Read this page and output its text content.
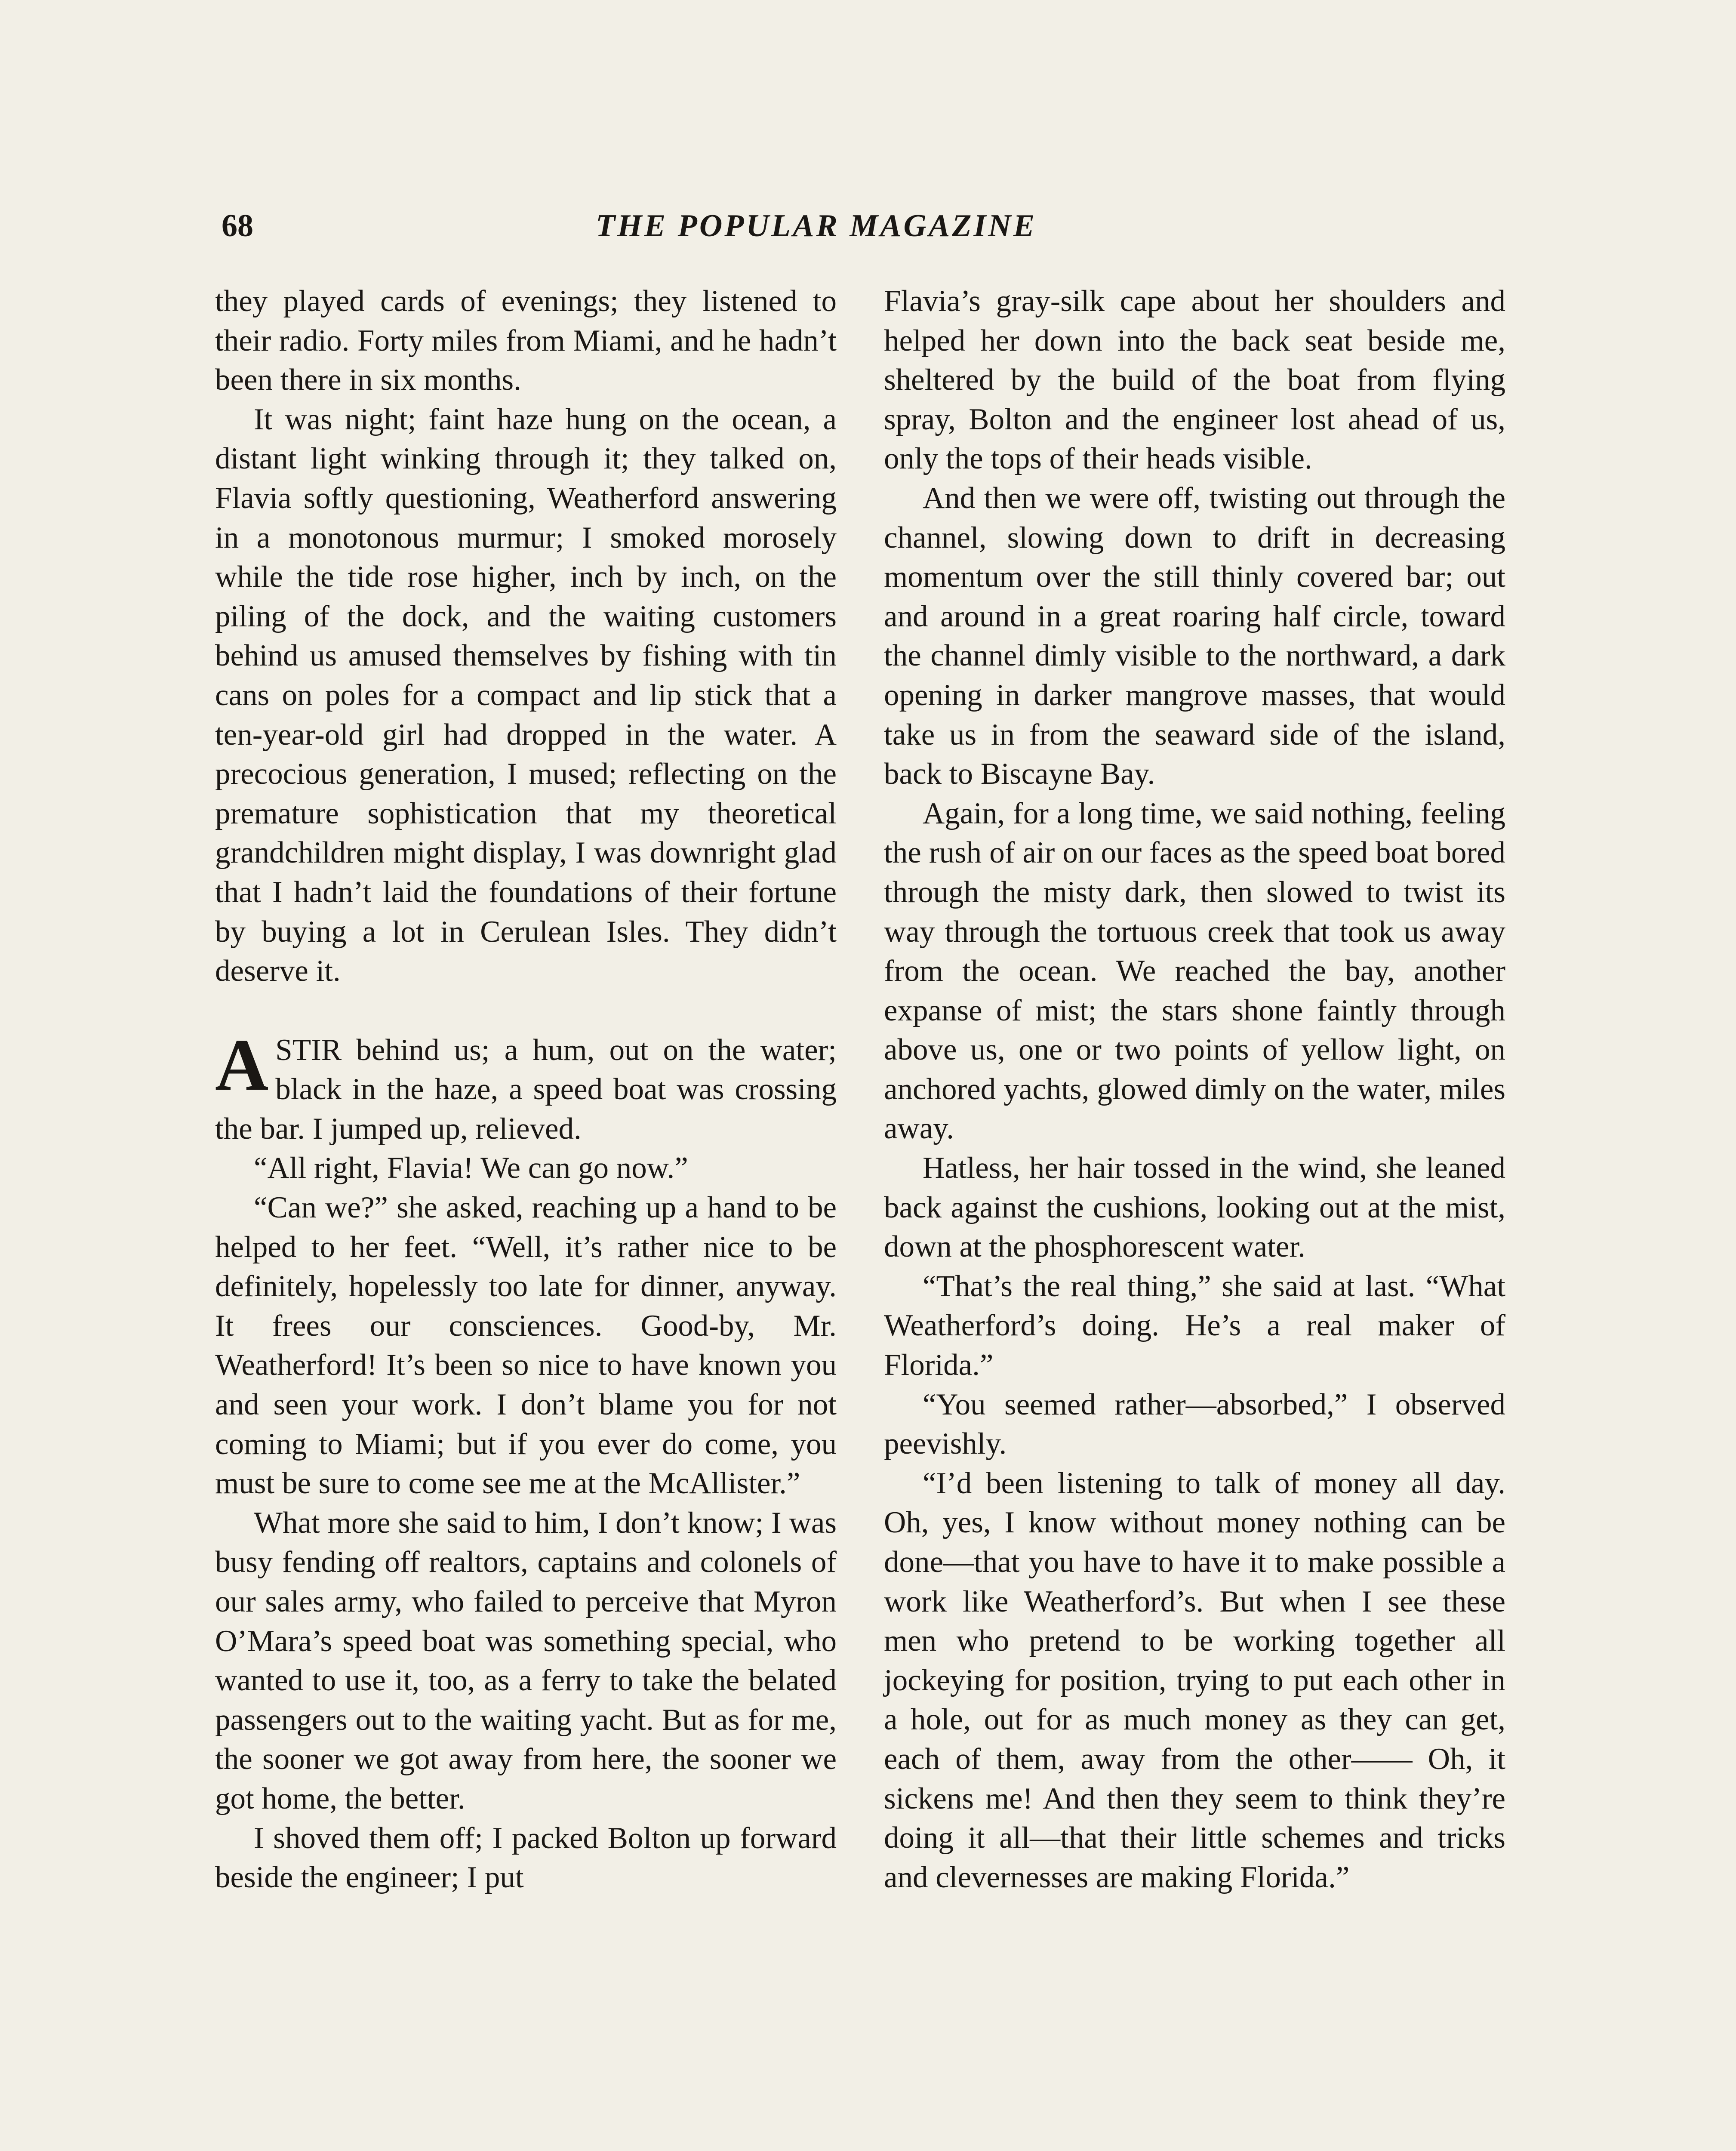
68	THE POPULAR MAGAZINE

they played cards of evenings; they listened to their radio. Forty miles from Miami, and he hadn’t been there in six months.

It was night; faint haze hung on the ocean, a distant light winking through it; they talked on, Flavia softly questioning, Weatherford answering in a monotonous murmur; I smoked morosely while the tide rose higher, inch by inch, on the piling of the dock, and the waiting customers behind us amused themselves by fishing with tin cans on poles for a compact and lip stick that a ten-year-old girl had dropped in the water. A precocious generation, I mused; reflecting on the premature sophistication that my theoretical grandchildren might display, I was downright glad that I hadn’t laid the foundations of their fortune by buying a lot in Cerulean Isles. They didn’t deserve it.

ASTIR behind us; a hum, out on the water; black in the haze, a speed boat was crossing the bar. I jumped up, relieved.

“All right, Flavia! We can go now.”

“Can we?” she asked, reaching up a hand to be helped to her feet. “Well, it’s rather nice to be definitely, hopelessly too late for dinner, anyway. It frees our consciences. Good-by, Mr. Weatherford! It’s been so nice to have known you and seen your work. I don’t blame you for not coming to Miami; but if you ever do come, you must be sure to come see me at the McAllister.”

What more she said to him, I don’t know; I was busy fending off realtors, captains and colonels of our sales army, who failed to perceive that Myron O’Mara’s speed boat was something special, who wanted to use it, too, as a ferry to take the belated passengers out to the waiting yacht. But as for me, the sooner we got away from here, the sooner we got home, the better.

I shoved them off; I packed Bolton up forward beside the engineer; I put

Flavia’s gray-silk cape about her shoulders and helped her down into the back seat beside me, sheltered by the build of the boat from flying spray, Bolton and the engineer lost ahead of us, only the tops of their heads visible.

And then we were off, twisting out through the channel, slowing down to drift in decreasing momentum over the still thinly covered bar; out and around in a great roaring half circle, toward the channel dimly visible to the northward, a dark opening in darker mangrove masses, that would take us in from the seaward side of the island, back to Biscayne Bay.

Again, for a long time, we said nothing, feeling the rush of air on our faces as the speed boat bored through the misty dark, then slowed to twist its way through the tortuous creek that took us away from the ocean. We reached the bay, another expanse of mist; the stars shone faintly through above us, one or two points of yellow light, on anchored yachts, glowed dimly on the water, miles away.

Hatless, her hair tossed in the wind, she leaned back against the cushions, looking out at the mist, down at the phosphorescent water.

“That’s the real thing,” she said at last. “What Weatherford’s doing. He’s a real maker of Florida.”

“You seemed rather—absorbed,” I observed peevishly.

“I’d been listening to talk of money all day. Oh, yes, I know without money nothing can be done—that you have to have it to make possible a work like Weatherford’s. But when I see these men who pretend to be working together all jockeying for position, trying to put each other in a hole, out for as much money as they can get, each of them, away from the other—— Oh, it sickens me! And then they seem to think they’re doing it all—that their little schemes and tricks and clevernesses are making Florida.”
